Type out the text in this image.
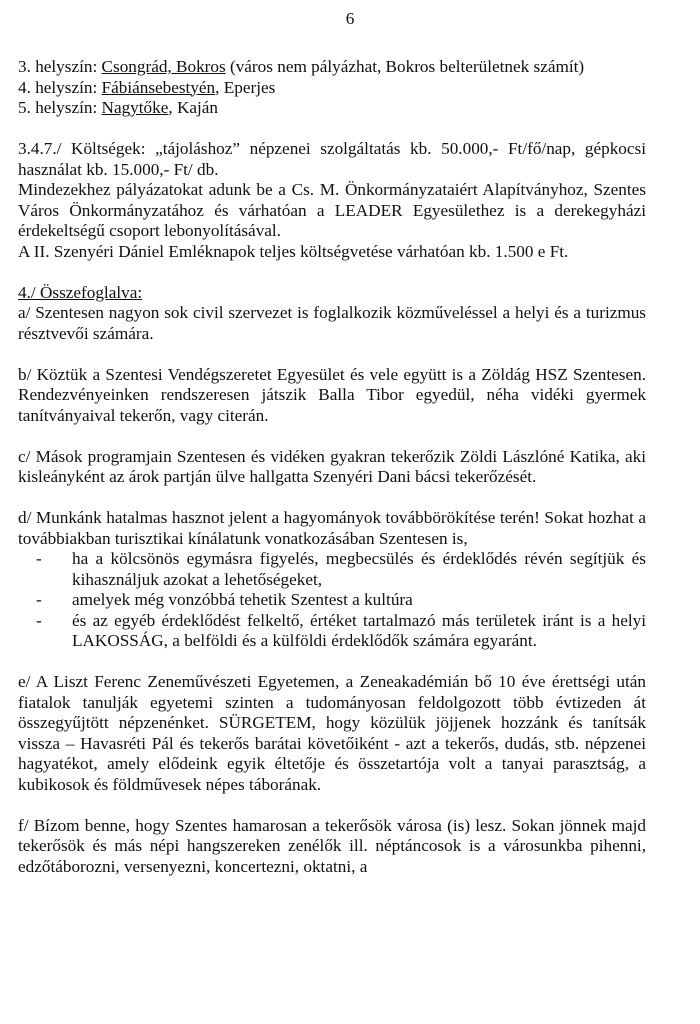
6

3. helyszín: Csongrád, Bokros (város nem pályázhat, Bokros belterületnek számít)

4. helyszín: Fábiánsebestyén, Eperjes

5. helyszín: Nagytőke, Kaján

3.4.7./ Költségek: „tájoláshoz” népzenei szolgáltatás kb. 50.000,- Ft/fő/nap, gépkocsi használat kb. 15.000,- Ft/ db.

Mindezekhez pályázatokat adunk be a Cs. M. Önkormányzataiért Alapítványhoz, Szentes Város Önkormányzatához és várhatóan a LEADER Egyesülethez is a derekegyházi érdekeltségű csoport lebonyolításával.

A II. Szenyéri Dániel Emléknapok teljes költségvetése várhatóan kb. 1.500 e Ft.

4./ Összefoglalva:

a/ Szentesen nagyon sok civil szervezet is foglalkozik közműveléssel a helyi és a turizmus résztvevői számára.

b/ Köztük a Szentesi Vendégszeretet Egyesület és vele együtt is a Zöldág HSZ Szentesen. Rendezvényeinken rendszeresen játszik Balla Tibor egyedül, néha vidéki gyermek tanítványaival tekerőn, vagy citerán.

c/ Mások programjain Szentesen és vidéken gyakran tekerőzik Zöldi Lászlóné Katika, aki kisleányként az árok partján ülve hallgatta Szenyéri Dani bácsi tekerőzését.

d/ Munkánk hatalmas hasznot jelent a hagyományok továbbörökítése terén! Sokat hozhat a továbbiakban turisztikai kínálatunk vonatkozásában Szentesen is,

- ha a kölcsönös egymásra figyelés, megbecsülés és érdeklődés révén segítjük és kihasználjuk azokat a lehetőségeket,
- amelyek még vonzóbbá tehetik Szentest a kultúra
- és az egyéb érdeklődést felkeltő, értéket tartalmazó más területek iránt is a helyi LAKOSSÁG, a belföldi és a külföldi érdeklődők számára egyaránt.

e/ A Liszt Ferenc Zeneművészeti Egyetemen, a Zeneakadémián bő 10 éve érettségi után fiatalok tanulják egyetemi szinten a tudományosan feldolgozott több évtizeden át összegyűjtött népzenénket. SÜRGETEM, hogy közülük jöjjenek hozzánk és tanítsák vissza – Havasréti Pál és tekerős barátai követőiként - azt a tekerős, dudás, stb. népzenei hagyatékot, amely elődeink egyik éltetője és összetartója volt a tanyai parasztság, a kubikosok és földművesek népes táborának.

f/ Bízom benne, hogy Szentes hamarosan a tekerősök városa (is) lesz. Sokan jönnek majd tekerősök és más népi hangszereken zenélők ill. néptáncosok is a városunkba pihenni, edzőtáborozni, versenyezni, koncertezni, oktatni, a
